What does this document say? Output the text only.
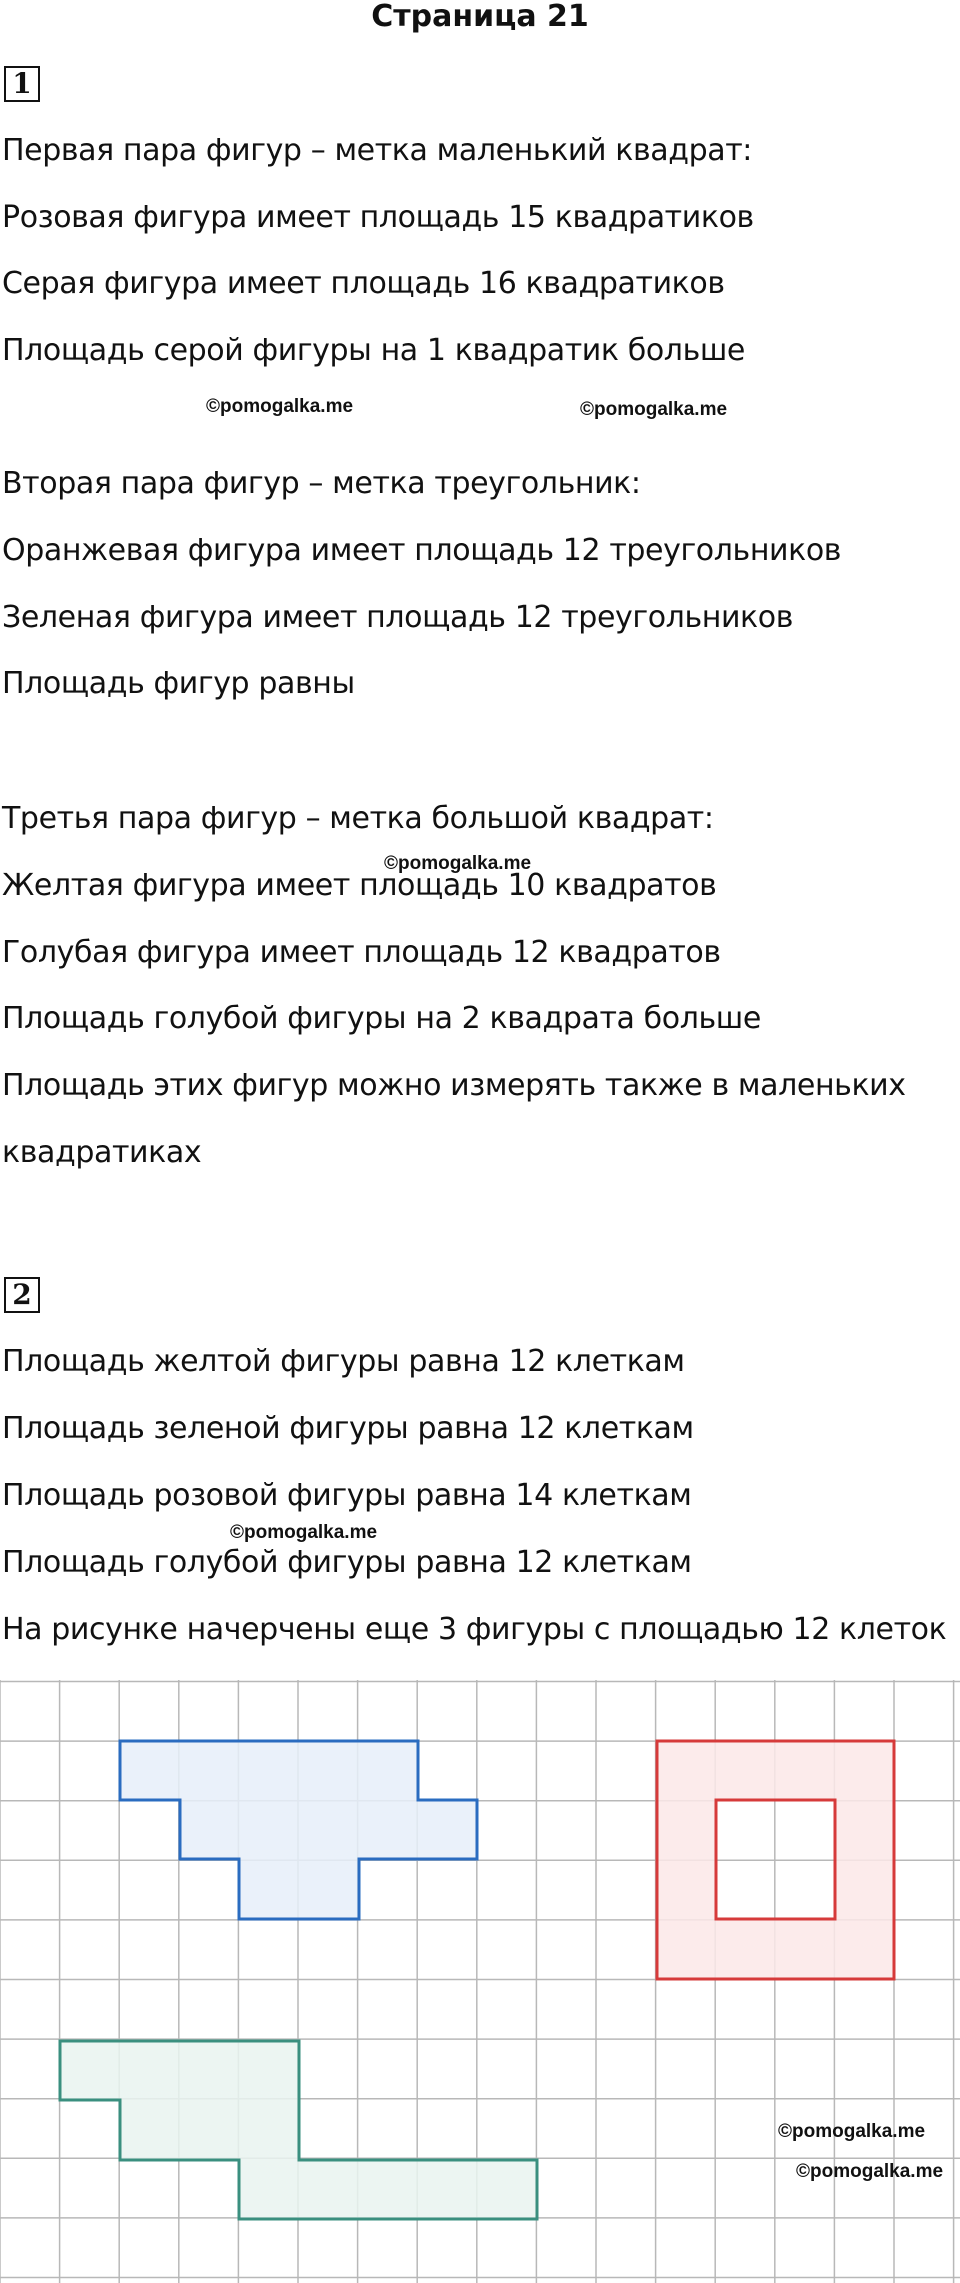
Страница 21
1
Первая пара фигур – метка маленький квадрат:
Розовая фигура имеет площадь 15 квадратиков
Серая фигура имеет площадь 16 квадратиков
Площадь серой фигуры на 1 квадратик больше
©pomogalka.me	©pomogalka.me
Вторая пара фигур – метка треугольник:
Оранжевая фигура имеет площадь 12 треугольников
Зеленая фигура имеет площадь 12 треугольников
Площадь фигур равны
Третья пара фигур – метка большой квадрат:
©pomogalka.me
Желтая фигура имеет площадь 10 квадратов
Голубая фигура имеет площадь 12 квадратов
Площадь голубой фигуры на 2 квадрата больше
Площадь этих фигур можно измерять также в маленьких
квадратиках
2
Площадь желтой фигуры равна 12 клеткам
Площадь зеленой фигуры равна 12 клеткам
Площадь розовой фигуры равна 14 клеткам
©pomogalka.me
Площадь голубой фигуры равна 12 клеткам
На рисунке начерчены еще 3 фигуры с площадью 12 клеток
©pomogalka.me
©pomogalka.me
